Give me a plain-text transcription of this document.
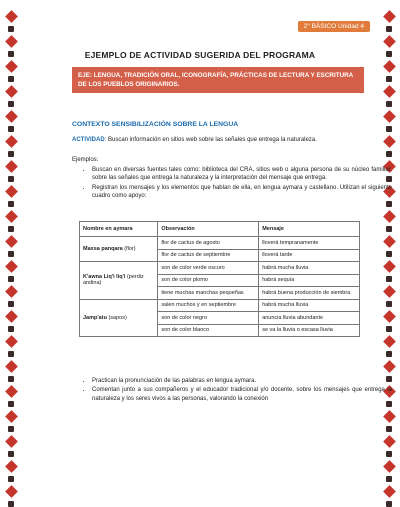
2° BÁSICO Unidad 4
EJEMPLO DE ACTIVIDAD SUGERIDA DEL PROGRAMA
EJE: LENGUA, TRADICIÓN ORAL, ICONOGRAFÍA, PRÁCTICAS DE LECTURA Y ESCRITURA DE LOS PUEBLOS ORIGINARIOS.
CONTEXTO SENSIBILIZACIÓN SOBRE LA LENGUA
ACTIVIDAD: Buscan información en sitios web sobre las señales que entrega la naturaleza.
Ejemplos:
• Buscan en diversas fuentes tales como: biblioteca del CRA, sitios web o alguna persona de su núcleo familiar, sobre las señales que entrega la naturaleza y la interpretación del mensaje que entrega.
• Registran los mensajes y los elementos que hablan de ella, en lengua aymara y castellano. Utilizan el siguiente cuadro como apoyo:
Nombre en aymara	Observación	Mensaje
Maxsa panqara (flor)	flor de cactus de agosto	lloverá tempranamente
	flor de cactus de septiembre	lloverá tarde
K'awna Liq'i liq'i (perdiz andina)	son de color verde oscuro	habrá mucha lluvia
	son de color plomo	habrá sequía
	tiene muchas manchas pequeñas	habrá buena producción de siembra
Jamp'atu (sapos)	salen muchos y en septiembre	habrá mucha lluvia
	son de color negro	anuncia lluvia abundante
	son de color blanco	se va la lluvia o escasa lluvia
• Practican la pronunciación de las palabras en lengua aymara.
• Comentan junto a sus compañeros y el educador tradicional y/o docente, sobre los mensajes que entrega la naturaleza y los seres vivos a las personas, valorando la conexión
